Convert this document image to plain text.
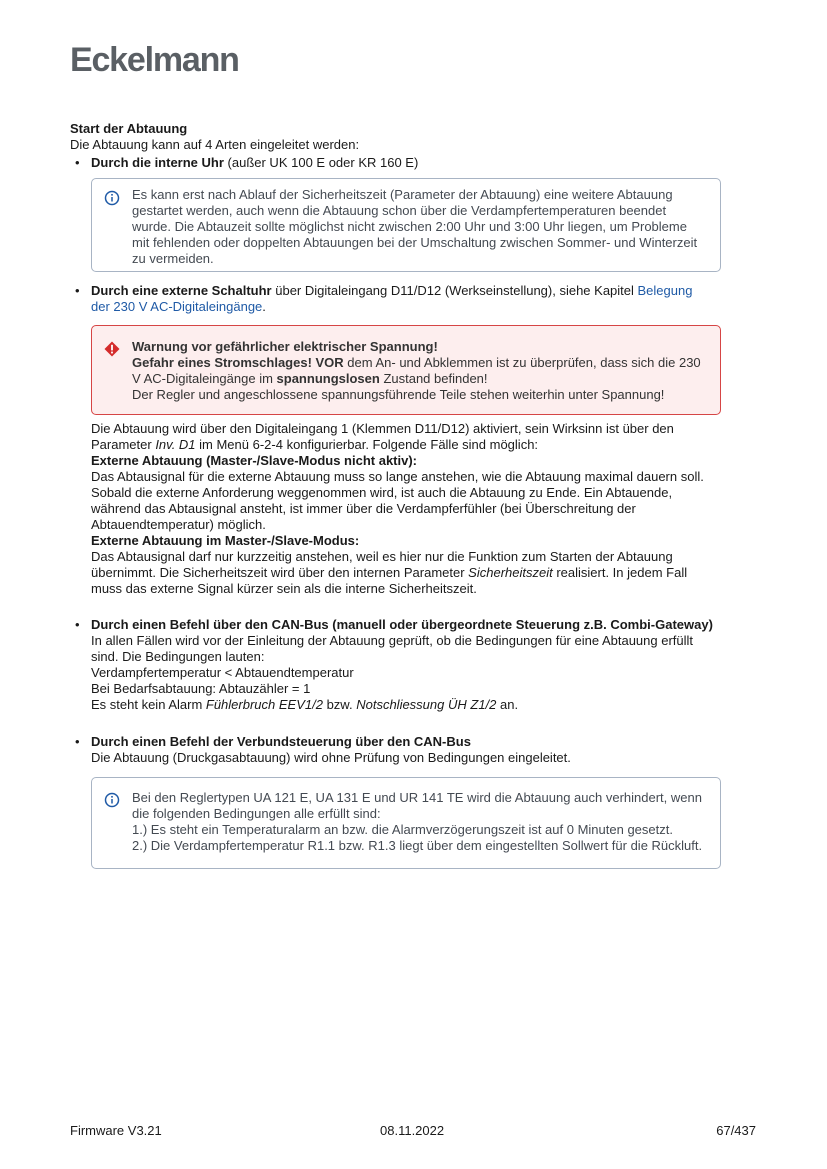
Eckelmann
Start der Abtauung
Die Abtauung kann auf 4 Arten eingeleitet werden:
• Durch die interne Uhr (außer UK 100 E oder KR 160 E)
Es kann erst nach Ablauf der Sicherheitszeit (Parameter der Abtauung) eine weitere Abtauung
gestartet werden, auch wenn die Abtauung schon über die Verdampfertemperaturen beendet
wurde. Die Abtauzeit sollte möglichst nicht zwischen 2:00 Uhr und 3:00 Uhr liegen, um Probleme
mit fehlenden oder doppelten Abtauungen bei der Umschaltung zwischen Sommer- und Winterzeit
zu vermeiden.
• Durch eine externe Schaltuhr über Digitaleingang D11/D12 (Werkseinstellung), siehe Kapitel Belegung
der 230 V AC-Digitaleingänge.
Warnung vor gefährlicher elektrischer Spannung!
Gefahr eines Stromschlages! VOR dem An- und Abklemmen ist zu überprüfen, dass sich die 230
V AC-Digitaleingänge im spannungslosen Zustand befinden!
Der Regler und angeschlossene spannungsführende Teile stehen weiterhin unter Spannung!
Die Abtauung wird über den Digitaleingang 1 (Klemmen D11/D12) aktiviert, sein Wirksinn ist über den
Parameter Inv. D1 im Menü 6-2-4 konfigurierbar. Folgende Fälle sind möglich:
Externe Abtauung (Master-/Slave-Modus nicht aktiv):
Das Abtausignal für die externe Abtauung muss so lange anstehen, wie die Abtauung maximal dauern soll.
Sobald die externe Anforderung weggenommen wird, ist auch die Abtauung zu Ende. Ein Abtauende,
während das Abtausignal ansteht, ist immer über die Verdampferfühler (bei Überschreitung der
Abtauendtemperatur) möglich.
Externe Abtauung im Master-/Slave-Modus:
Das Abtausignal darf nur kurzzeitig anstehen, weil es hier nur die Funktion zum Starten der Abtauung
übernimmt. Die Sicherheitszeit wird über den internen Parameter Sicherheitszeit realisiert. In jedem Fall
muss das externe Signal kürzer sein als die interne Sicherheitszeit.
• Durch einen Befehl über den CAN-Bus (manuell oder übergeordnete Steuerung z.B. Combi-Gateway)
In allen Fällen wird vor der Einleitung der Abtauung geprüft, ob die Bedingungen für eine Abtauung erfüllt
sind. Die Bedingungen lauten:
Verdampfertemperatur < Abtauendtemperatur
Bei Bedarfsabtauung: Abtauzähler = 1
Es steht kein Alarm Fühlerbruch EEV1/2 bzw. Notschliessung ÜH Z1/2 an.
• Durch einen Befehl der Verbundsteuerung über den CAN-Bus
Die Abtauung (Druckgasabtauung) wird ohne Prüfung von Bedingungen eingeleitet.
Bei den Reglertypen UA 121 E, UA 131 E und UR 141 TE wird die Abtauung auch verhindert, wenn
die folgenden Bedingungen alle erfüllt sind:
1.) Es steht ein Temperaturalarm an bzw. die Alarmverzögerungszeit ist auf 0 Minuten gesetzt.
2.) Die Verdampfertemperatur R1.1 bzw. R1.3 liegt über dem eingestellten Sollwert für die Rückluft.
Firmware V3.21	08.11.2022	67/437
